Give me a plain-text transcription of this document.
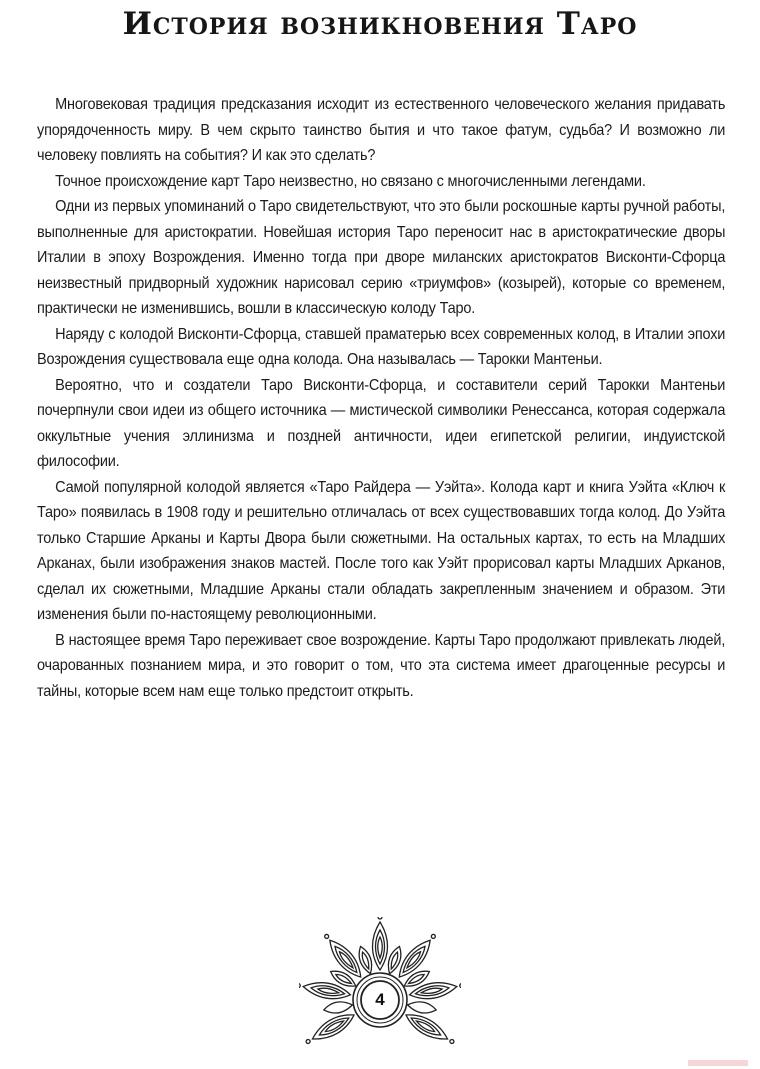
История возникновения Таро

Многовековая традиция предсказания исходит из естественного человеческого желания придавать упорядоченность миру. В чем скрыто таинство бытия и что такое фатум, судьба? И возможно ли человеку повлиять на события? И как это сделать?

Точное происхождение карт Таро неизвестно, но связано с многочисленными легендами.

Одни из первых упоминаний о Таро свидетельствуют, что это были роскошные карты ручной работы, выполненные для аристократии. Новейшая история Таро переносит нас в аристократические дворы Италии в эпоху Возрождения. Именно тогда при дворе миланских аристократов Висконти-Сфорца неизвестный придворный художник нарисовал серию «триумфов» (козырей), которые со временем, практически не изменившись, вошли в классическую колоду Таро.

Наряду с колодой Висконти-Сфорца, ставшей праматерью всех современных колод, в Италии эпохи Возрождения существовала еще одна колода. Она называлась — Тарокки Мантеньи.

Вероятно, что и создатели Таро Висконти-Сфорца, и составители серий Тарокки Мантеньи почерпнули свои идеи из общего источника — мистической символики Ренессанса, которая содержала оккультные учения эллинизма и поздней античности, идеи египетской религии, индуистской философии.

Самой популярной колодой является «Таро Райдера — Уэйта». Колода карт и книга Уэйта «Ключ к Таро» появилась в 1908 году и решительно отличалась от всех существовавших тогда колод. До Уэйта только Старшие Арканы и Карты Двора были сюжетными. На остальных картах, то есть на Младших Арканах, были изображения знаков мастей. После того как Уэйт прорисовал карты Младших Арканов, сделал их сюжетными, Младшие Арканы стали обладать закрепленным значением и образом. Эти изменения были по-настоящему революционными.

В настоящее время Таро переживает свое возрождение. Карты Таро продолжают привлекать людей, очарованных познанием мира, и это говорит о том, что эта система имеет драгоценные ресурсы и тайны, которые всем нам еще только предстоит открыть.

4
